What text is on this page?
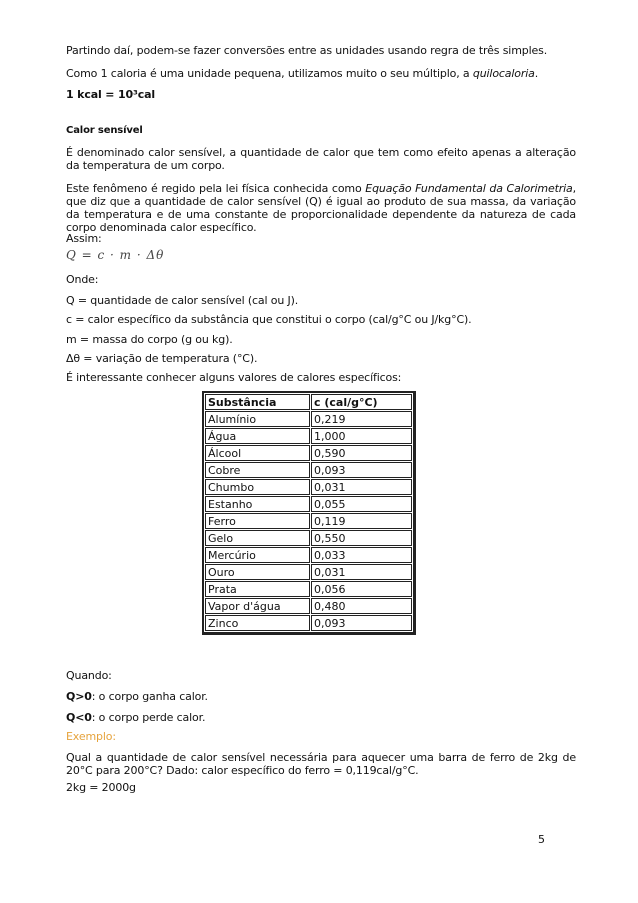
Partindo daí, podem-se fazer conversões entre as unidades usando regra de três simples.

Como 1 caloria é uma unidade pequena, utilizamos muito o seu múltiplo, a quilocaloria.

1 kcal = 10³cal

Calor sensível

É denominado calor sensível, a quantidade de calor que tem como efeito apenas a alteração da temperatura de um corpo.

Este fenômeno é regido pela lei física conhecida como Equação Fundamental da Calorimetria, que diz que a quantidade de calor sensível (Q) é igual ao produto de sua massa, da variação da temperatura e de uma constante de proporcionalidade dependente da natureza de cada corpo denominada calor específico.

Assim:

Q = c · m · Δθ

Onde:

Q = quantidade de calor sensível (cal ou J).

c = calor específico da substância que constitui o corpo (cal/g°C ou J/kg°C).

m = massa do corpo (g ou kg).

Δθ = variação de temperatura (°C).

É interessante conhecer alguns valores de calores específicos:

Substância	c (cal/g°C)
Alumínio	0,219
Água	1,000
Álcool	0,590
Cobre	0,093
Chumbo	0,031
Estanho	0,055
Ferro	0,119
Gelo	0,550
Mercúrio	0,033
Ouro	0,031
Prata	0,056
Vapor d'água	0,480
Zinco	0,093

Quando:

Q>0: o corpo ganha calor.

Q<0: o corpo perde calor.

Exemplo:

Qual a quantidade de calor sensível necessária para aquecer uma barra de ferro de 2kg de 20°C para 200°C? Dado: calor específico do ferro = 0,119cal/g°C.

2kg = 2000g

5
